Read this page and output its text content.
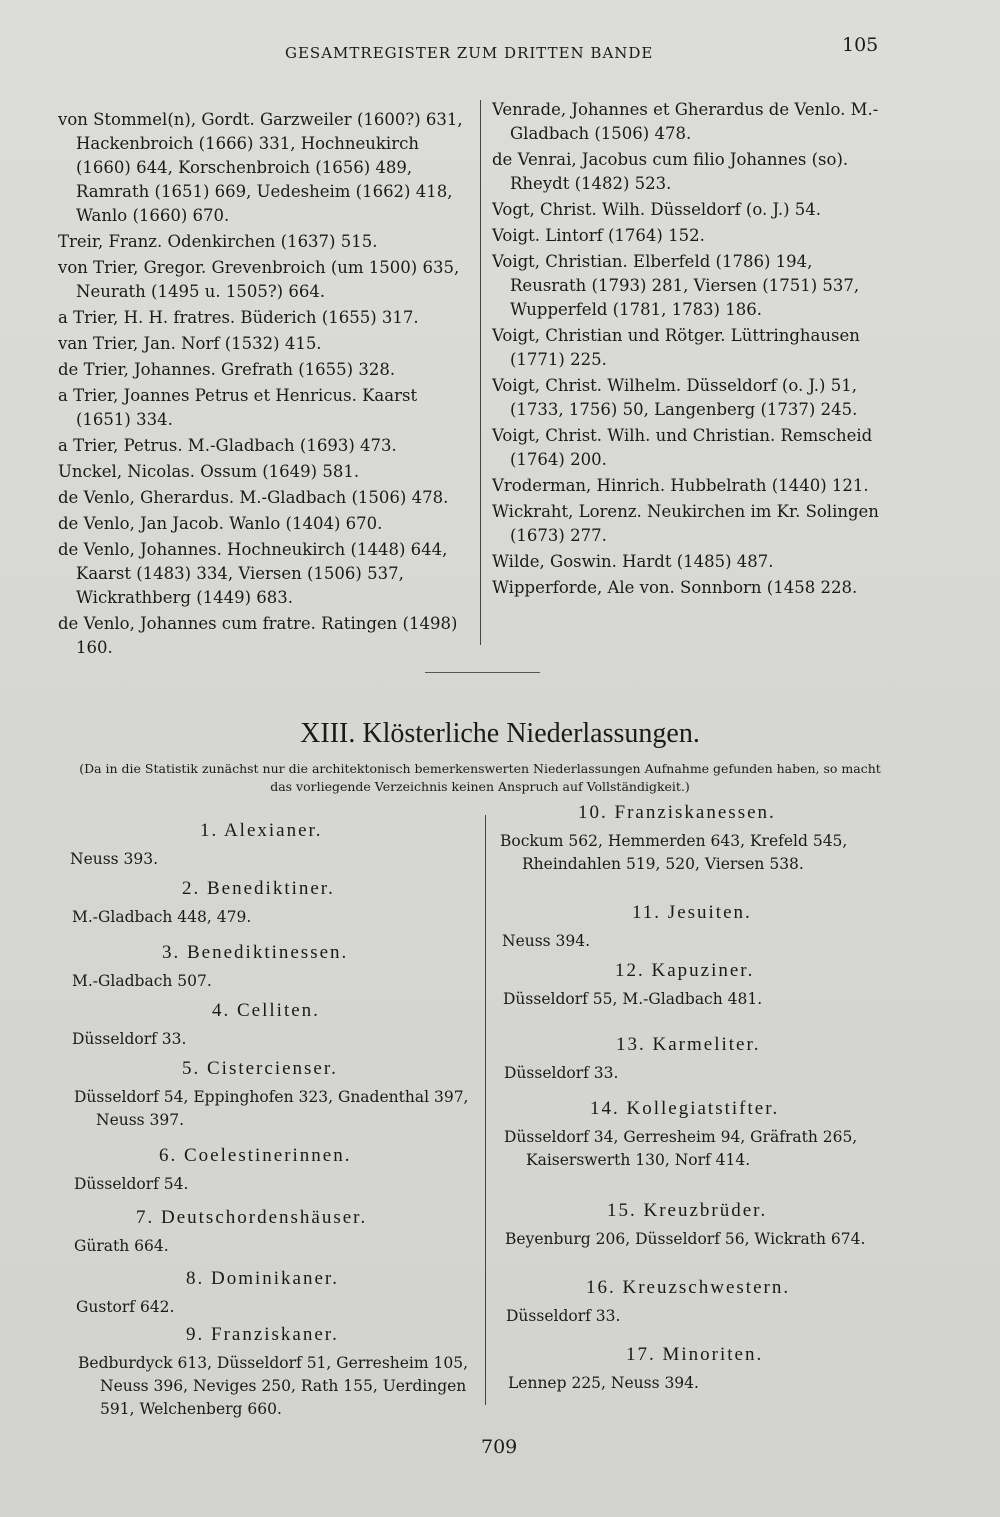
GESAMTREGISTER ZUM DRITTEN BANDE	105
von Stommel(n), Gordt. Garzweiler (1600?) 631, Hackenbroich (1666) 331, Hochneukirch (1660) 644, Korschenbroich (1656) 489, Ramrath (1651) 669, Uedesheim (1662) 418, Wanlo (1660) 670.
Treir, Franz. Odenkirchen (1637) 515.
von Trier, Gregor. Grevenbroich (um 1500) 635, Neurath (1495 u. 1505?) 664.
a Trier, H. H. fratres. Büderich (1655) 317.
van Trier, Jan. Norf (1532) 415.
de Trier, Johannes. Grefrath (1655) 328.
a Trier, Joannes Petrus et Henricus. Kaarst (1651) 334.
a Trier, Petrus. M.-Gladbach (1693) 473.
Unckel, Nicolas. Ossum (1649) 581.
de Venlo, Gherardus. M.-Gladbach (1506) 478.
de Venlo, Jan Jacob. Wanlo (1404) 670.
de Venlo, Johannes. Hochneukirch (1448) 644, Kaarst (1483) 334, Viersen (1506) 537, Wickrathberg (1449) 683.
de Venlo, Johannes cum fratre. Ratingen (1498) 160.
Venrade, Johannes et Gherardus de Venlo. M.-Gladbach (1506) 478.
de Venrai, Jacobus cum filio Johannes (so). Rheydt (1482) 523.
Vogt, Christ. Wilh. Düsseldorf (o. J.) 54.
Voigt. Lintorf (1764) 152.
Voigt, Christian. Elberfeld (1786) 194, Reusrath (1793) 281, Viersen (1751) 537, Wupperfeld (1781, 1783) 186.
Voigt, Christian und Rötger. Lüttringhausen (1771) 225.
Voigt, Christ. Wilhelm. Düsseldorf (o. J.) 51, (1733, 1756) 50, Langenberg (1737) 245.
Voigt, Christ. Wilh. und Christian. Remscheid (1764) 200.
Vroderman, Hinrich. Hubbelrath (1440) 121.
Wickraht, Lorenz. Neukirchen im Kr. Solingen (1673) 277.
Wilde, Goswin. Hardt (1485) 487.
Wipperforde, Ale von. Sonnborn (1458 228.
XIII. Klösterliche Niederlassungen.
(Da in die Statistik zunächst nur die architektonisch bemerkenswerten Niederlassungen Aufnahme gefunden haben, so macht das vorliegende Verzeichnis keinen Anspruch auf Vollständigkeit.)
1. Alexianer.
Neuss 393.
2. Benediktiner.
M.-Gladbach 448, 479.
3. Benediktinessen.
M.-Gladbach 507.
4. Celliten.
Düsseldorf 33.
5. Cistercienser.
Düsseldorf 54, Eppinghofen 323, Gnadenthal 397, Neuss 397.
6. Coelestinerinnen.
Düsseldorf 54.
7. Deutschordenshäuser.
Gürath 664.
8. Dominikaner.
Gustorf 642.
9. Franziskaner.
Bedburdyck 613, Düsseldorf 51, Gerresheim 105, Neuss 396, Neviges 250, Rath 155, Uerdingen 591, Welchenberg 660.
10. Franziskanessen.
Bockum 562, Hemmerden 643, Krefeld 545, Rheindahlen 519, 520, Viersen 538.
11. Jesuiten.
Neuss 394.
12. Kapuziner.
Düsseldorf 55, M.-Gladbach 481.
13. Karmeliter.
Düsseldorf 33.
14. Kollegiatstifter.
Düsseldorf 34, Gerresheim 94, Gräfrath 265, Kaiserswerth 130, Norf 414.
15. Kreuzbrüder.
Beyenburg 206, Düsseldorf 56, Wickrath 674.
16. Kreuzschwestern.
Düsseldorf 33.
17. Minoriten.
Lennep 225, Neuss 394.
709
